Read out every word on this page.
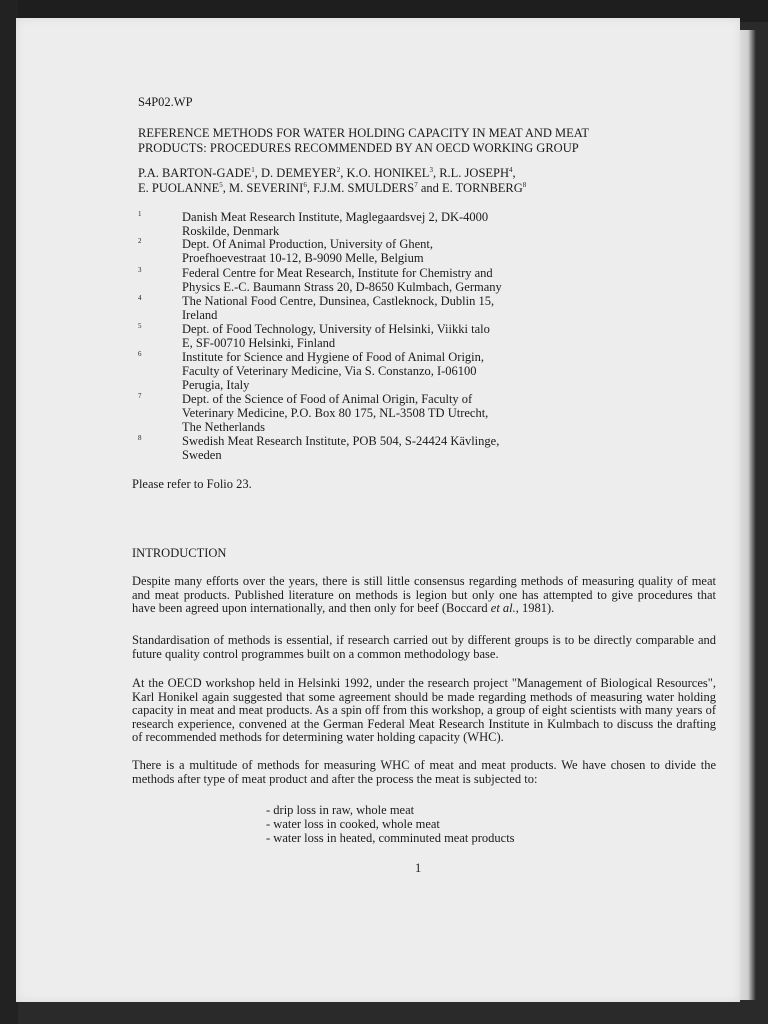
S4P02.WP
REFERENCE METHODS FOR WATER HOLDING CAPACITY IN MEAT AND MEAT
PRODUCTS: PROCEDURES RECOMMENDED BY AN OECD WORKING GROUP
P.A. BARTON-GADE$^1$, D. DEMEYER$^2$, K.O. HONIKEL$^3$, R.L. JOSEPH$^4$,
E. PUOLANNE$^5$, M. SEVERINI$^6$, F.J.M. SMULDERS$^7$ and E. TORNBERG$^8$
1	Danish Meat Research Institute, Maglegaardsvej 2, DK-4000
Roskilde, Denmark
2	Dept. Of Animal Production, University of Ghent,
Proefhoevestraat 10-12, B-9090 Melle, Belgium
3	Federal Centre for Meat Research, Institute for Chemistry and
Physics E.-C. Baumann Strass 20, D-8650 Kulmbach, Germany
4	The National Food Centre, Dunsinea, Castleknock, Dublin 15,
Ireland
5	Dept. of Food Technology, University of Helsinki, Viikki talo
E, SF-00710 Helsinki, Finland
6	Institute for Science and Hygiene of Food of Animal Origin,
Faculty of Veterinary Medicine, Via S. Constanzo, I-06100
Perugia, Italy
7	Dept. of the Science of Food of Animal Origin, Faculty of
Veterinary Medicine, P.O. Box 80 175, NL-3508 TD Utrecht,
The Netherlands
8	Swedish Meat Research Institute, POB 504, S-24424 Kävlinge,
Sweden
Please refer to Folio 23.
INTRODUCTION
Despite many efforts over the years, there is still little consensus regarding methods of measuring quality of meat and meat products. Published literature on methods is legion but only one has attempted to give procedures that have been agreed upon internationally, and then only for beef (Boccard et al., 1981).
Standardisation of methods is essential, if research carried out by different groups is to be directly comparable and future quality control programmes built on a common methodology base.
At the OECD workshop held in Helsinki 1992, under the research project "Management of Biological Resources", Karl Honikel again suggested that some agreement should be made regarding methods of measuring water holding capacity in meat and meat products. As a spin off from this workshop, a group of eight scientists with many years of research experience, convened at the German Federal Meat Research Institute in Kulmbach to discuss the drafting of recommended methods for determining water holding capacity (WHC).
There is a multitude of methods for measuring WHC of meat and meat products. We have chosen to divide the methods after type of meat product and after the process the meat is subjected to:
- drip loss in raw, whole meat
- water loss in cooked, whole meat
- water loss in heated, comminuted meat products
1
